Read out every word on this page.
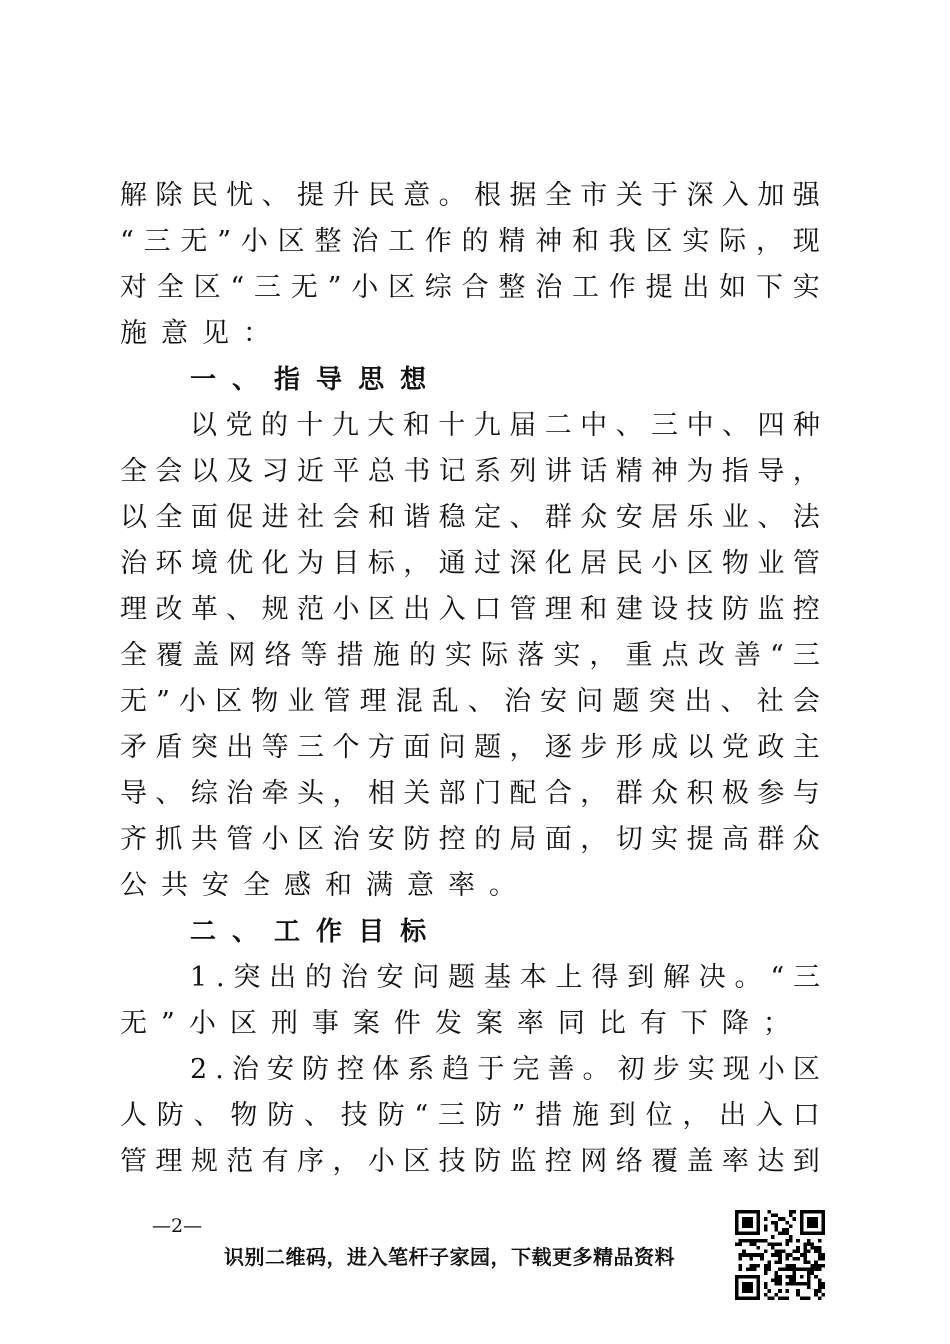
解 除 民 忧 、 提 升 民 意 。 根 据 全 市 关 于 深 入 加 强
“ 三 无 ” 小 区 整 治 工 作 的 精 神 和 我 区 实 际 ， 现
对 全 区 “ 三 无 ” 小 区 综 合 整 治 工 作 提 出 如 下 实
施 意 见 ：
一 、 指 导 思 想
以 党 的 十 九 大 和 十 九 届 二 中 、 三 中 、 四 种
全 会 以 及 习 近 平 总 书 记 系 列 讲 话 精 神 为 指 导 ，
以 全 面 促 进 社 会 和 谐 稳 定 、 群 众 安 居 乐 业 、 法
治 环 境 优 化 为 目 标 ， 通 过 深 化 居 民 小 区 物 业 管
理 改 革 、 规 范 小 区 出 入 口 管 理 和 建 设 技 防 监 控
全 覆 盖 网 络 等 措 施 的 实 际 落 实 ， 重 点 改 善 “ 三
无 ” 小 区 物 业 管 理 混 乱 、 治 安 问 题 突 出 、 社 会
矛 盾 突 出 等 三 个 方 面 问 题 ， 逐 步 形 成 以 党 政 主
导 、 综 治 牵 头 ， 相 关 部 门 配 合 ， 群 众 积 极 参 与
齐 抓 共 管 小 区 治 安 防 控 的 局 面 ， 切 实 提 高 群 众
公 共 安 全 感 和 满 意 率 。
二 、 工 作 目 标
1 . 突 出 的 治 安 问 题 基 本 上 得 到 解 决 。 “ 三
无 ” 小 区 刑 事 案 件 发 案 率 同 比 有 下 降 ；
2 . 治 安 防 控 体 系 趋 于 完 善 。 初 步 实 现 小 区
人 防 、 物 防 、 技 防 “ 三 防 ” 措 施 到 位 ， 出 入 口
管 理 规 范 有 序 ， 小 区 技 防 监 控 网 络 覆 盖 率 达 到
—2—
识别二维码，进入笔杆子家园，下载更多精品资料
